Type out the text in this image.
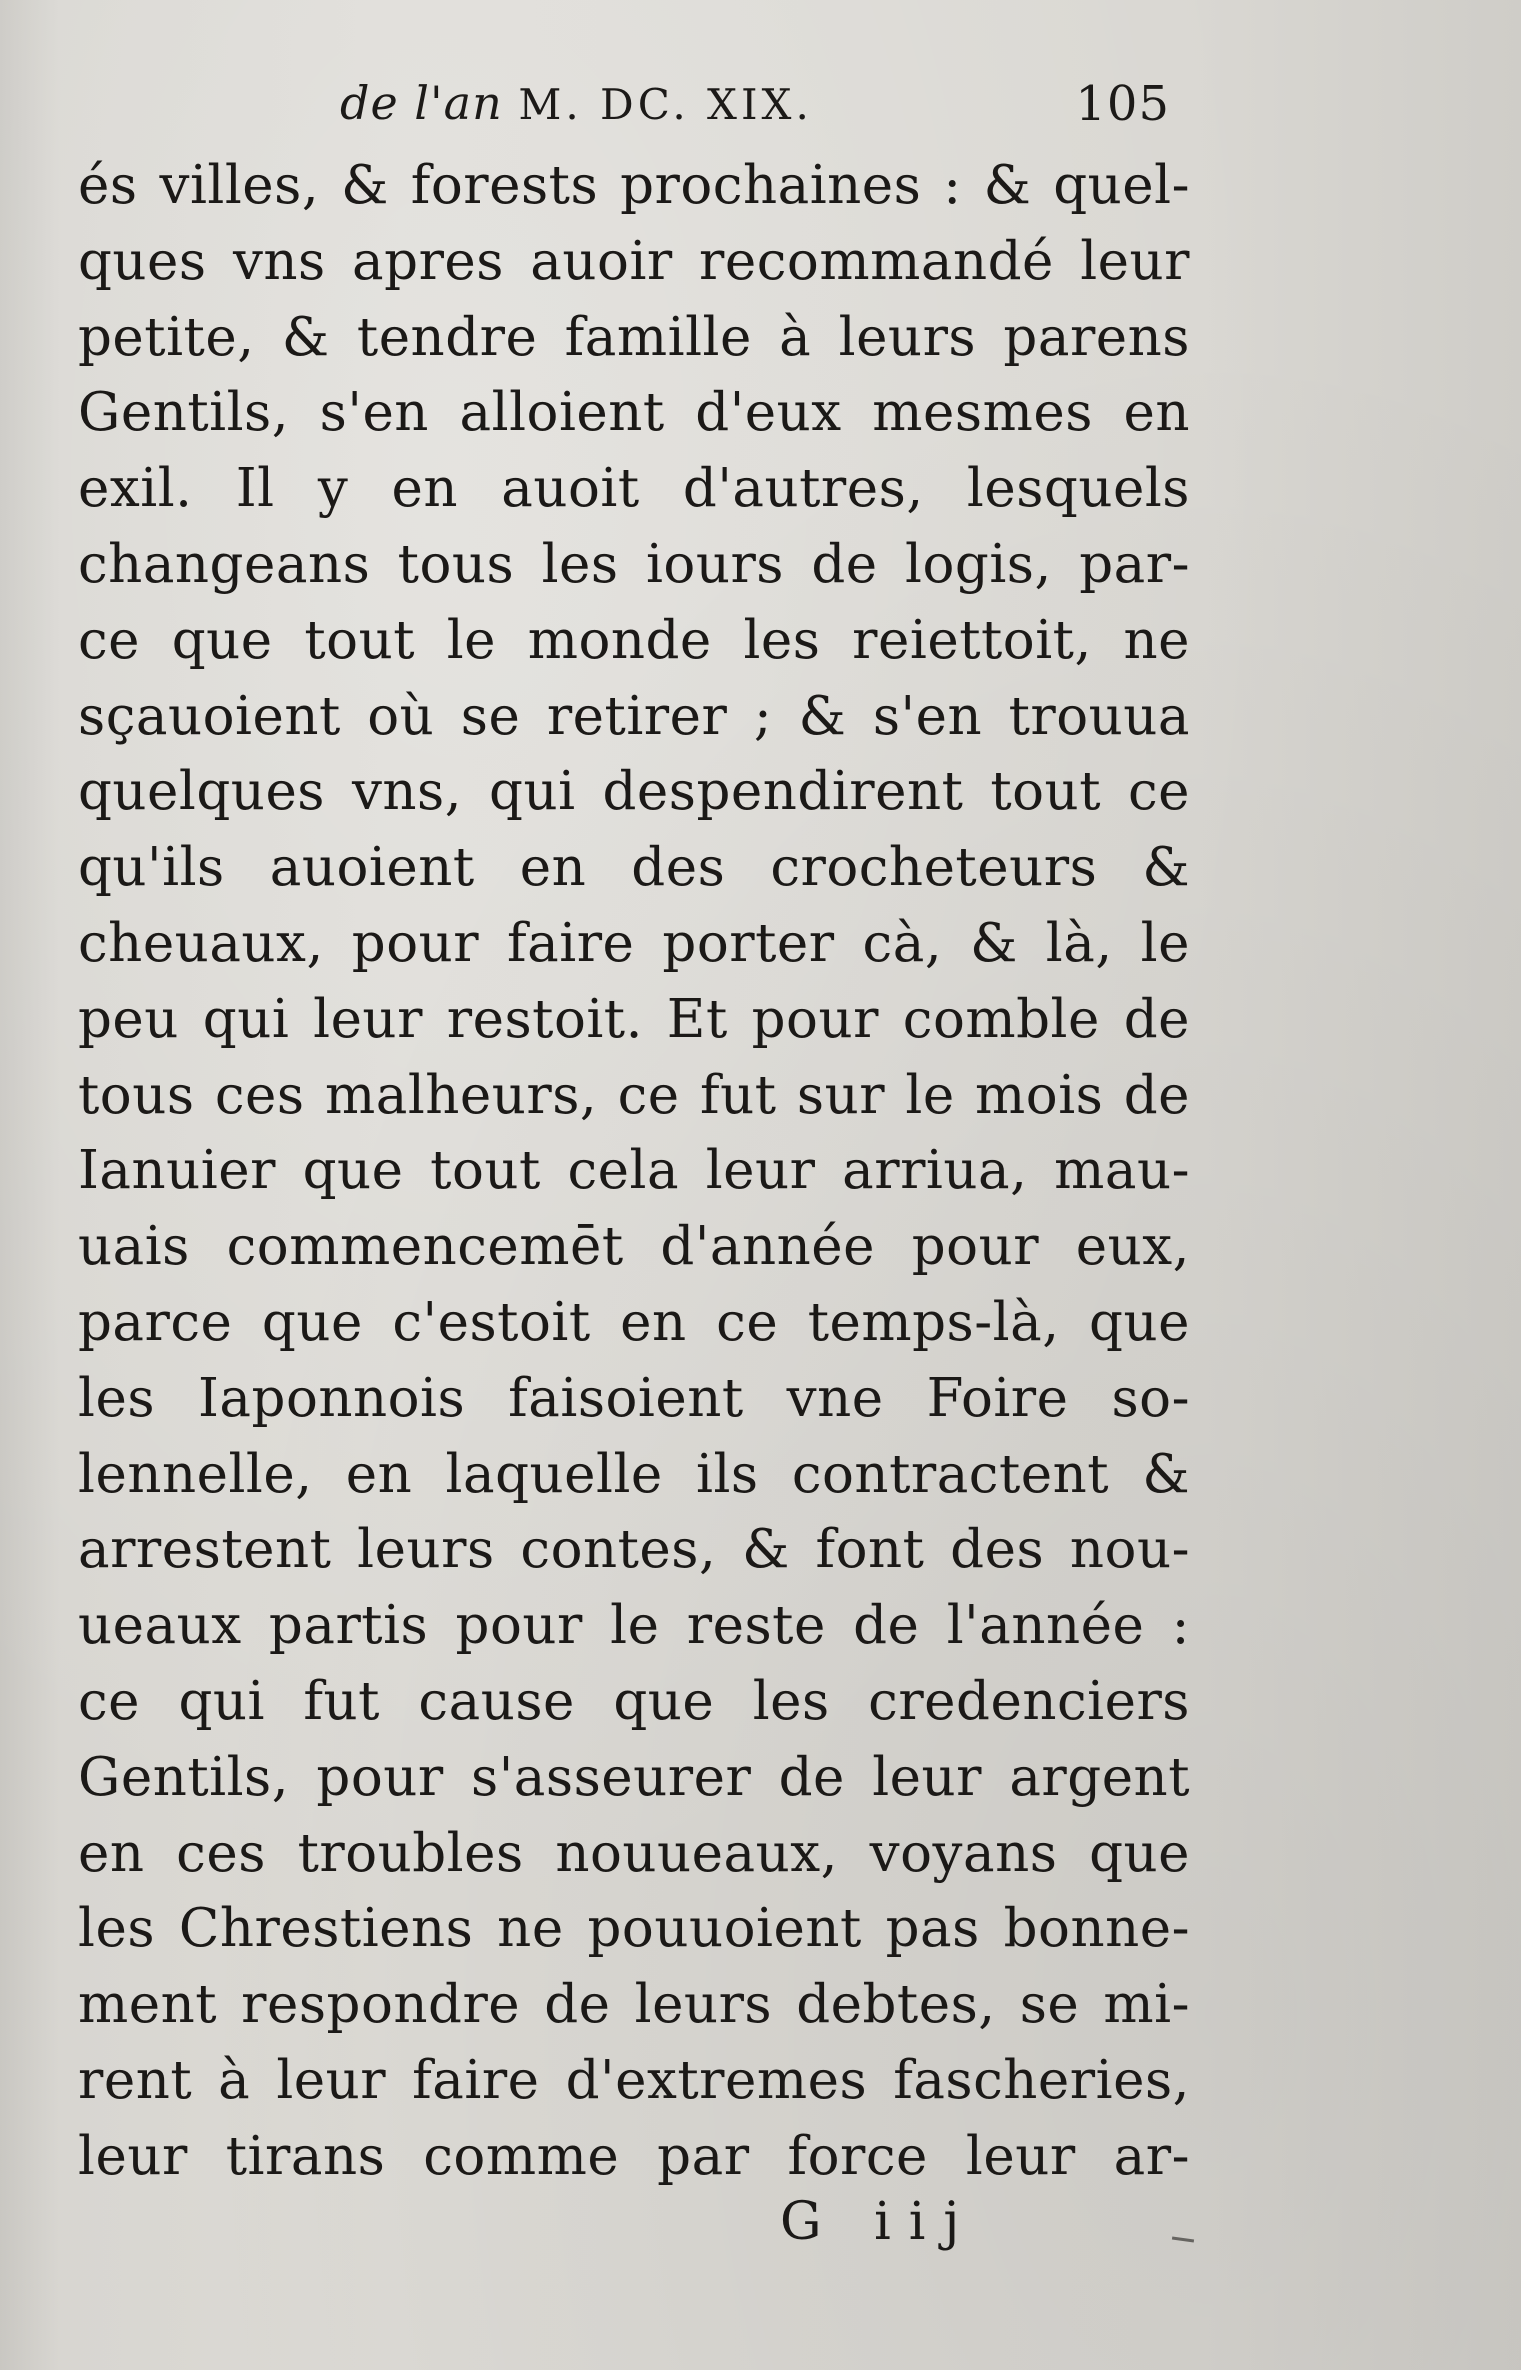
de l'an M. DC. XIX.	105
és villes, & forests prochaines : & quel-
ques vns apres auoir recommandé leur
petite, & tendre famille à leurs parens
Gentils, s'en alloient d'eux mesmes en
exil. Il y en auoit d'autres, lesquels
changeans tous les iours de logis, par-
ce que tout le monde les reiettoit, ne
sçauoient où se retirer ; & s'en trouua
quelques vns, qui despendirent tout ce
qu'ils auoient en des crocheteurs &
cheuaux, pour faire porter cà, & là, le
peu qui leur restoit. Et pour comble de
tous ces malheurs, ce fut sur le mois de
Ianuier que tout cela leur arriua, mau-
uais commencemēt d'année pour eux,
parce que c'estoit en ce temps-là, que
les Iaponnois faisoient vne Foire so-
lennelle, en laquelle ils contractent &
arrestent leurs contes, & font des nou-
ueaux partis pour le reste de l'année :
ce qui fut cause que les credenciers
Gentils, pour s'asseurer de leur argent
en ces troubles nouueaux, voyans que
les Chrestiens ne pouuoient pas bonne-
ment respondre de leurs debtes, se mi-
rent à leur faire d'extremes fascheries,
leur tirans comme par force leur ar-
G iij
